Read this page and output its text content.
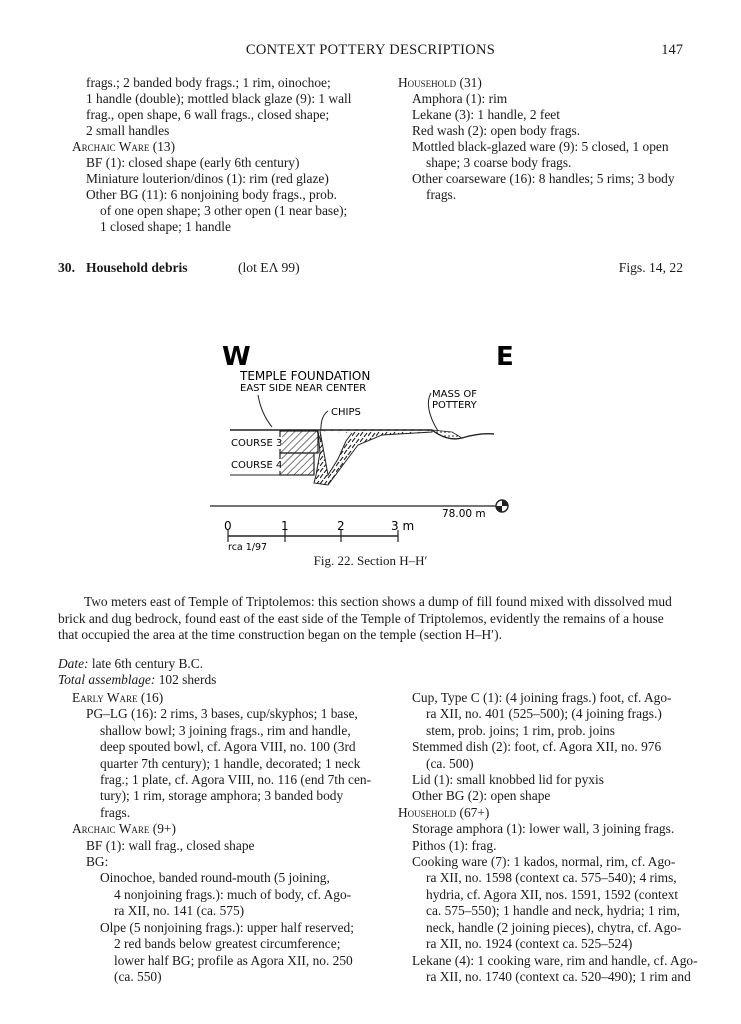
CONTEXT POTTERY DESCRIPTIONS	147
frags.; 2 banded body frags.; 1 rim, oinochoe;
1 handle (double); mottled black glaze (9): 1 wall
frag., open shape, 6 wall frags., closed shape;
2 small handles
Archaic Ware (13)
BF (1): closed shape (early 6th century)
Miniature louterion/dinos (1): rim (red glaze)
Other BG (11): 6 nonjoining body frags., prob.
of one open shape; 3 other open (1 near base);
1 closed shape; 1 handle
Household (31)
Amphora (1): rim
Lekane (3): 1 handle, 2 feet
Red wash (2): open body frags.
Mottled black-glazed ware (9): 5 closed, 1 open
shape; 3 coarse body frags.
Other coarseware (16): 8 handles; 5 rims; 3 body
frags.
30. Household debris	(lot EΛ 99)	Figs. 14, 22
W	E
TEMPLE FOUNDATION
EAST SIDE NEAR CENTER
CHIPS
MASS OF
POTTERY
COURSE 3
COURSE 4
78.00 m
0	1	2	3 m
rca 1/97
Fig. 22. Section H–H′
Two meters east of Temple of Triptolemos: this section shows a dump of fill found mixed with dissolved mud brick and dug bedrock, found east of the east side of the Temple of Triptolemos, evidently the remains of a house that occupied the area at the time construction began on the temple (section H–H′).
Date: late 6th century B.C.
Total assemblage: 102 sherds
Early Ware (16)
PG–LG (16): 2 rims, 3 bases, cup/skyphos; 1 base,
shallow bowl; 3 joining frags., rim and handle,
deep spouted bowl, cf. Agora VIII, no. 100 (3rd
quarter 7th century); 1 handle, decorated; 1 neck
frag.; 1 plate, cf. Agora VIII, no. 116 (end 7th cen-
tury); 1 rim, storage amphora; 3 banded body
frags.
Archaic Ware (9+)
BF (1): wall frag., closed shape
BG:
Oinochoe, banded round-mouth (5 joining,
4 nonjoining frags.): much of body, cf. Ago-
ra XII, no. 141 (ca. 575)
Olpe (5 nonjoining frags.): upper half reserved;
2 red bands below greatest circumference;
lower half BG; profile as Agora XII, no. 250
(ca. 550)
Cup, Type C (1): (4 joining frags.) foot, cf. Ago-
ra XII, no. 401 (525–500); (4 joining frags.)
stem, prob. joins; 1 rim, prob. joins
Stemmed dish (2): foot, cf. Agora XII, no. 976
(ca. 500)
Lid (1): small knobbed lid for pyxis
Other BG (2): open shape
Household (67+)
Storage amphora (1): lower wall, 3 joining frags.
Pithos (1): frag.
Cooking ware (7): 1 kados, normal, rim, cf. Ago-
ra XII, no. 1598 (context ca. 575–540); 4 rims,
hydria, cf. Agora XII, nos. 1591, 1592 (context
ca. 575–550); 1 handle and neck, hydria; 1 rim,
neck, handle (2 joining pieces), chytra, cf. Ago-
ra XII, no. 1924 (context ca. 525–524)
Lekane (4): 1 cooking ware, rim and handle, cf. Ago-
ra XII, no. 1740 (context ca. 520–490); 1 rim and
